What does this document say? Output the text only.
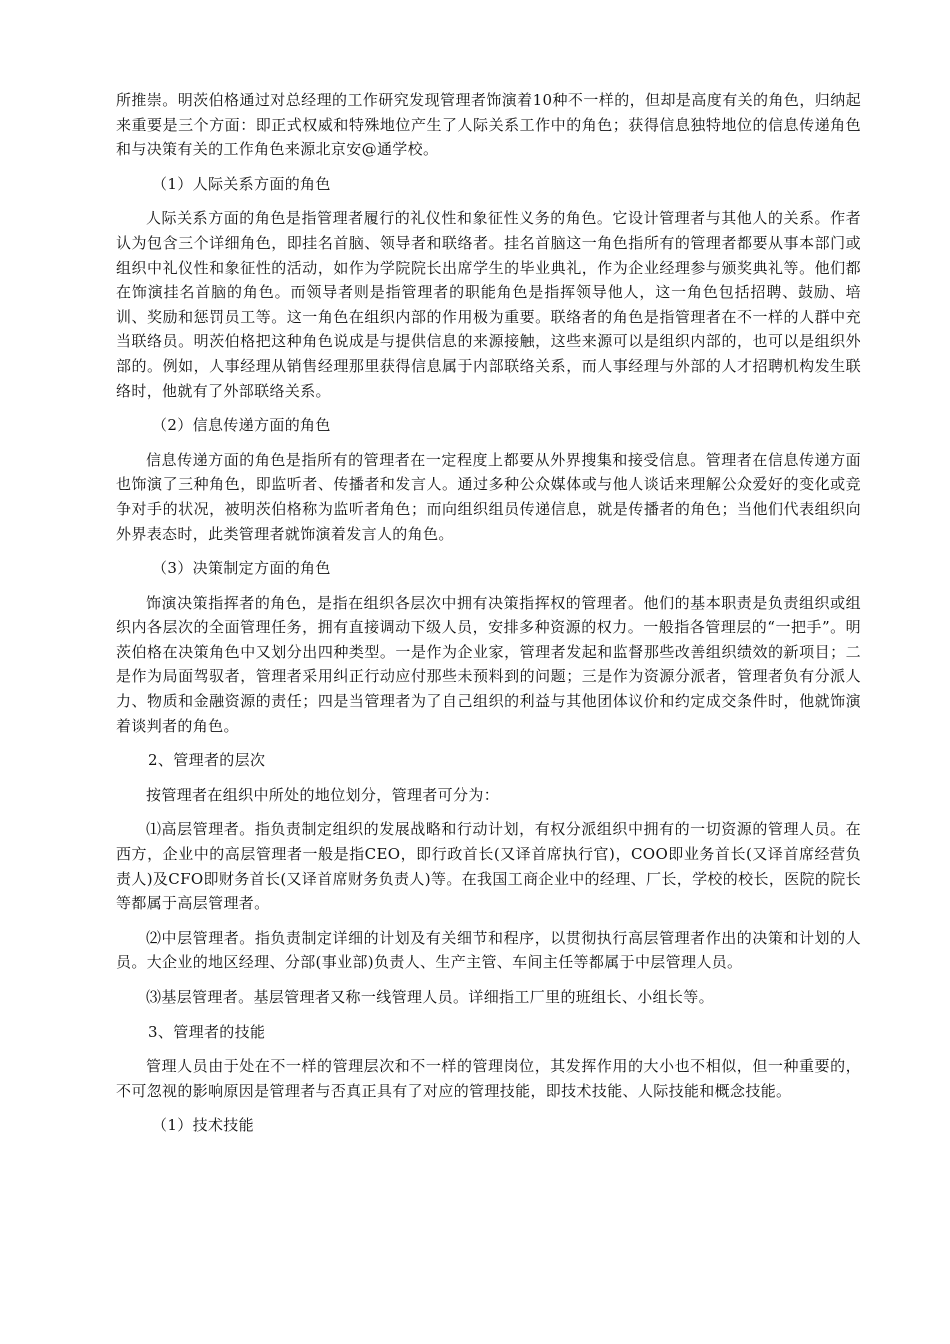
所推崇。明茨伯格通过对总经理的工作研究发现管理者饰演着10种不一样的，但却是高度有关的角色，归纳起来重要是三个方面：即正式权威和特殊地位产生了人际关系工作中的角色；获得信息独特地位的信息传递角色和与决策有关的工作角色来源北京安@通学校。

（1）人际关系方面的角色

人际关系方面的角色是指管理者履行的礼仪性和象征性义务的角色。它设计管理者与其他人的关系。作者认为包含三个详细角色，即挂名首脑、领导者和联络者。挂名首脑这一角色指所有的管理者都要从事本部门或组织中礼仪性和象征性的活动，如作为学院院长出席学生的毕业典礼，作为企业经理参与颁奖典礼等。他们都在饰演挂名首脑的角色。而领导者则是指管理者的职能角色是指挥领导他人，这一角色包括招聘、鼓励、培训、奖励和惩罚员工等。这一角色在组织内部的作用极为重要。联络者的角色是指管理者在不一样的人群中充当联络员。明茨伯格把这种角色说成是与提供信息的来源接触，这些来源可以是组织内部的，也可以是组织外部的。例如，人事经理从销售经理那里获得信息属于内部联络关系，而人事经理与外部的人才招聘机构发生联络时，他就有了外部联络关系。

（2）信息传递方面的角色

信息传递方面的角色是指所有的管理者在一定程度上都要从外界搜集和接受信息。管理者在信息传递方面也饰演了三种角色，即监听者、传播者和发言人。通过多种公众媒体或与他人谈话来理解公众爱好的变化或竞争对手的状况，被明茨伯格称为监听者角色；而向组织组员传递信息，就是传播者的角色；当他们代表组织向外界表态时，此类管理者就饰演着发言人的角色。

（3）决策制定方面的角色

饰演决策指挥者的角色，是指在组织各层次中拥有决策指挥权的管理者。他们的基本职责是负责组织或组织内各层次的全面管理任务，拥有直接调动下级人员，安排多种资源的权力。一般指各管理层的“一把手”。明茨伯格在决策角色中又划分出四种类型。一是作为企业家，管理者发起和监督那些改善组织绩效的新项目；二是作为局面驾驭者，管理者采用纠正行动应付那些未预料到的问题；三是作为资源分派者，管理者负有分派人力、物质和金融资源的责任；四是当管理者为了自己组织的利益与其他团体议价和约定成交条件时，他就饰演着谈判者的角色。

2、管理者的层次

按管理者在组织中所处的地位划分，管理者可分为：

⑴高层管理者。指负责制定组织的发展战略和行动计划，有权分派组织中拥有的一切资源的管理人员。在西方，企业中的高层管理者一般是指CEO，即行政首长(又译首席执行官)，COO即业务首长(又译首席经营负责人)及CFO即财务首长(又译首席财务负责人)等。在我国工商企业中的经理、厂长，学校的校长，医院的院长等都属于高层管理者。

⑵中层管理者。指负责制定详细的计划及有关细节和程序，以贯彻执行高层管理者作出的决策和计划的人员。大企业的地区经理、分部(事业部)负责人、生产主管、车间主任等都属于中层管理人员。

⑶基层管理者。基层管理者又称一线管理人员。详细指工厂里的班组长、小组长等。

3、管理者的技能

管理人员由于处在不一样的管理层次和不一样的管理岗位，其发挥作用的大小也不相似，但一种重要的，不可忽视的影响原因是管理者与否真正具有了对应的管理技能，即技术技能、人际技能和概念技能。

（1）技术技能
